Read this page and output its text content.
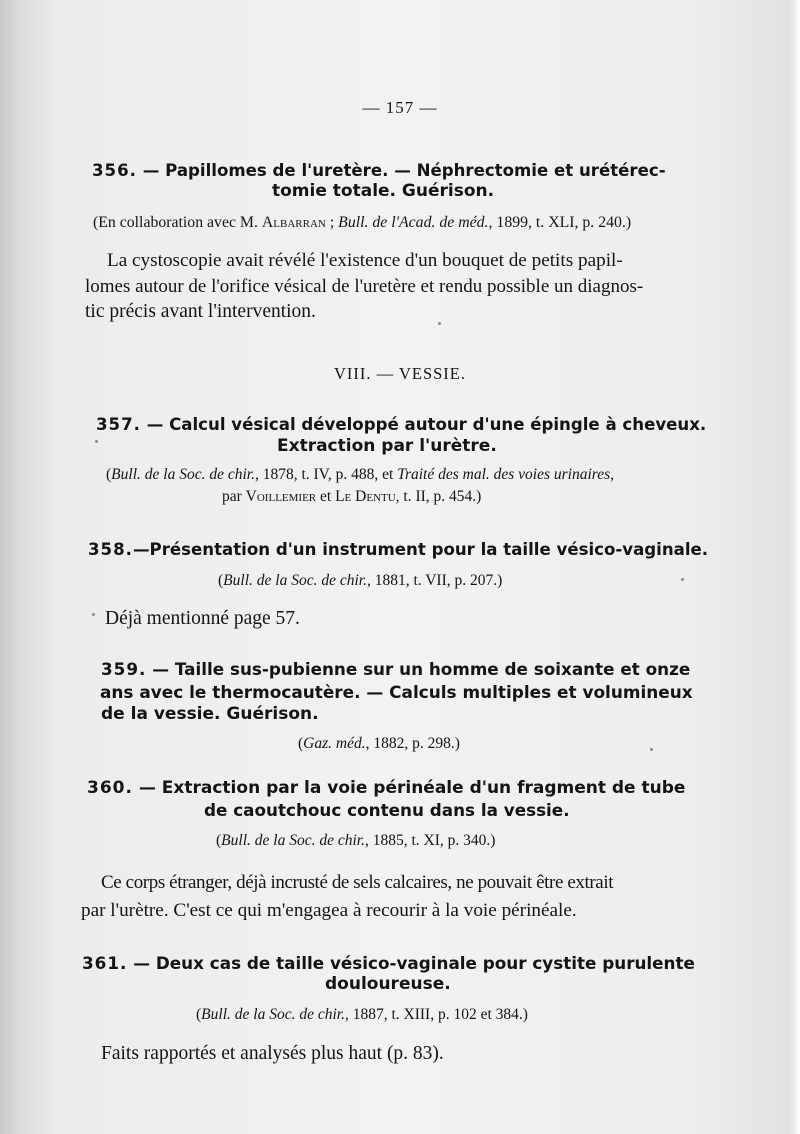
— 157 —
356. — Papillomes de l'uretère. — Néphrectomie et urétérec-
tomie totale. Guérison.
(En collaboration avec M. Albarran ; Bull. de l'Acad. de méd., 1899, t. XLI, p. 240.)
La cystoscopie avait révélé l'existence d'un bouquet de petits papil-
lomes autour de l'orifice vésical de l'uretère et rendu possible un diagnos-
tic précis avant l'intervention.
VIII. — VESSIE.
357. — Calcul vésical développé autour d'une épingle à cheveux.
Extraction par l'urètre.
(Bull. de la Soc. de chir., 1878, t. IV, p. 488, et Traité des mal. des voies urinaires,
par Voillemier et Le Dentu, t. II, p. 454.)
358.—Présentation d'un instrument pour la taille vésico-vaginale.
(Bull. de la Soc. de chir., 1881, t. VII, p. 207.)
Déjà mentionné page 57.
359. — Taille sus-pubienne sur un homme de soixante et onze
ans avec le thermocautère. — Calculs multiples et volumineux
de la vessie. Guérison.
(Gaz. méd., 1882, p. 298.)
360. — Extraction par la voie périnéale d'un fragment de tube
de caoutchouc contenu dans la vessie.
(Bull. de la Soc. de chir., 1885, t. XI, p. 340.)
Ce corps étranger, déjà incrusté de sels calcaires, ne pouvait être extrait
par l'urètre. C'est ce qui m'engagea à recourir à la voie périnéale.
361. — Deux cas de taille vésico-vaginale pour cystite purulente
douloureuse.
(Bull. de la Soc. de chir., 1887, t. XIII, p. 102 et 384.)
Faits rapportés et analysés plus haut (p. 83).
